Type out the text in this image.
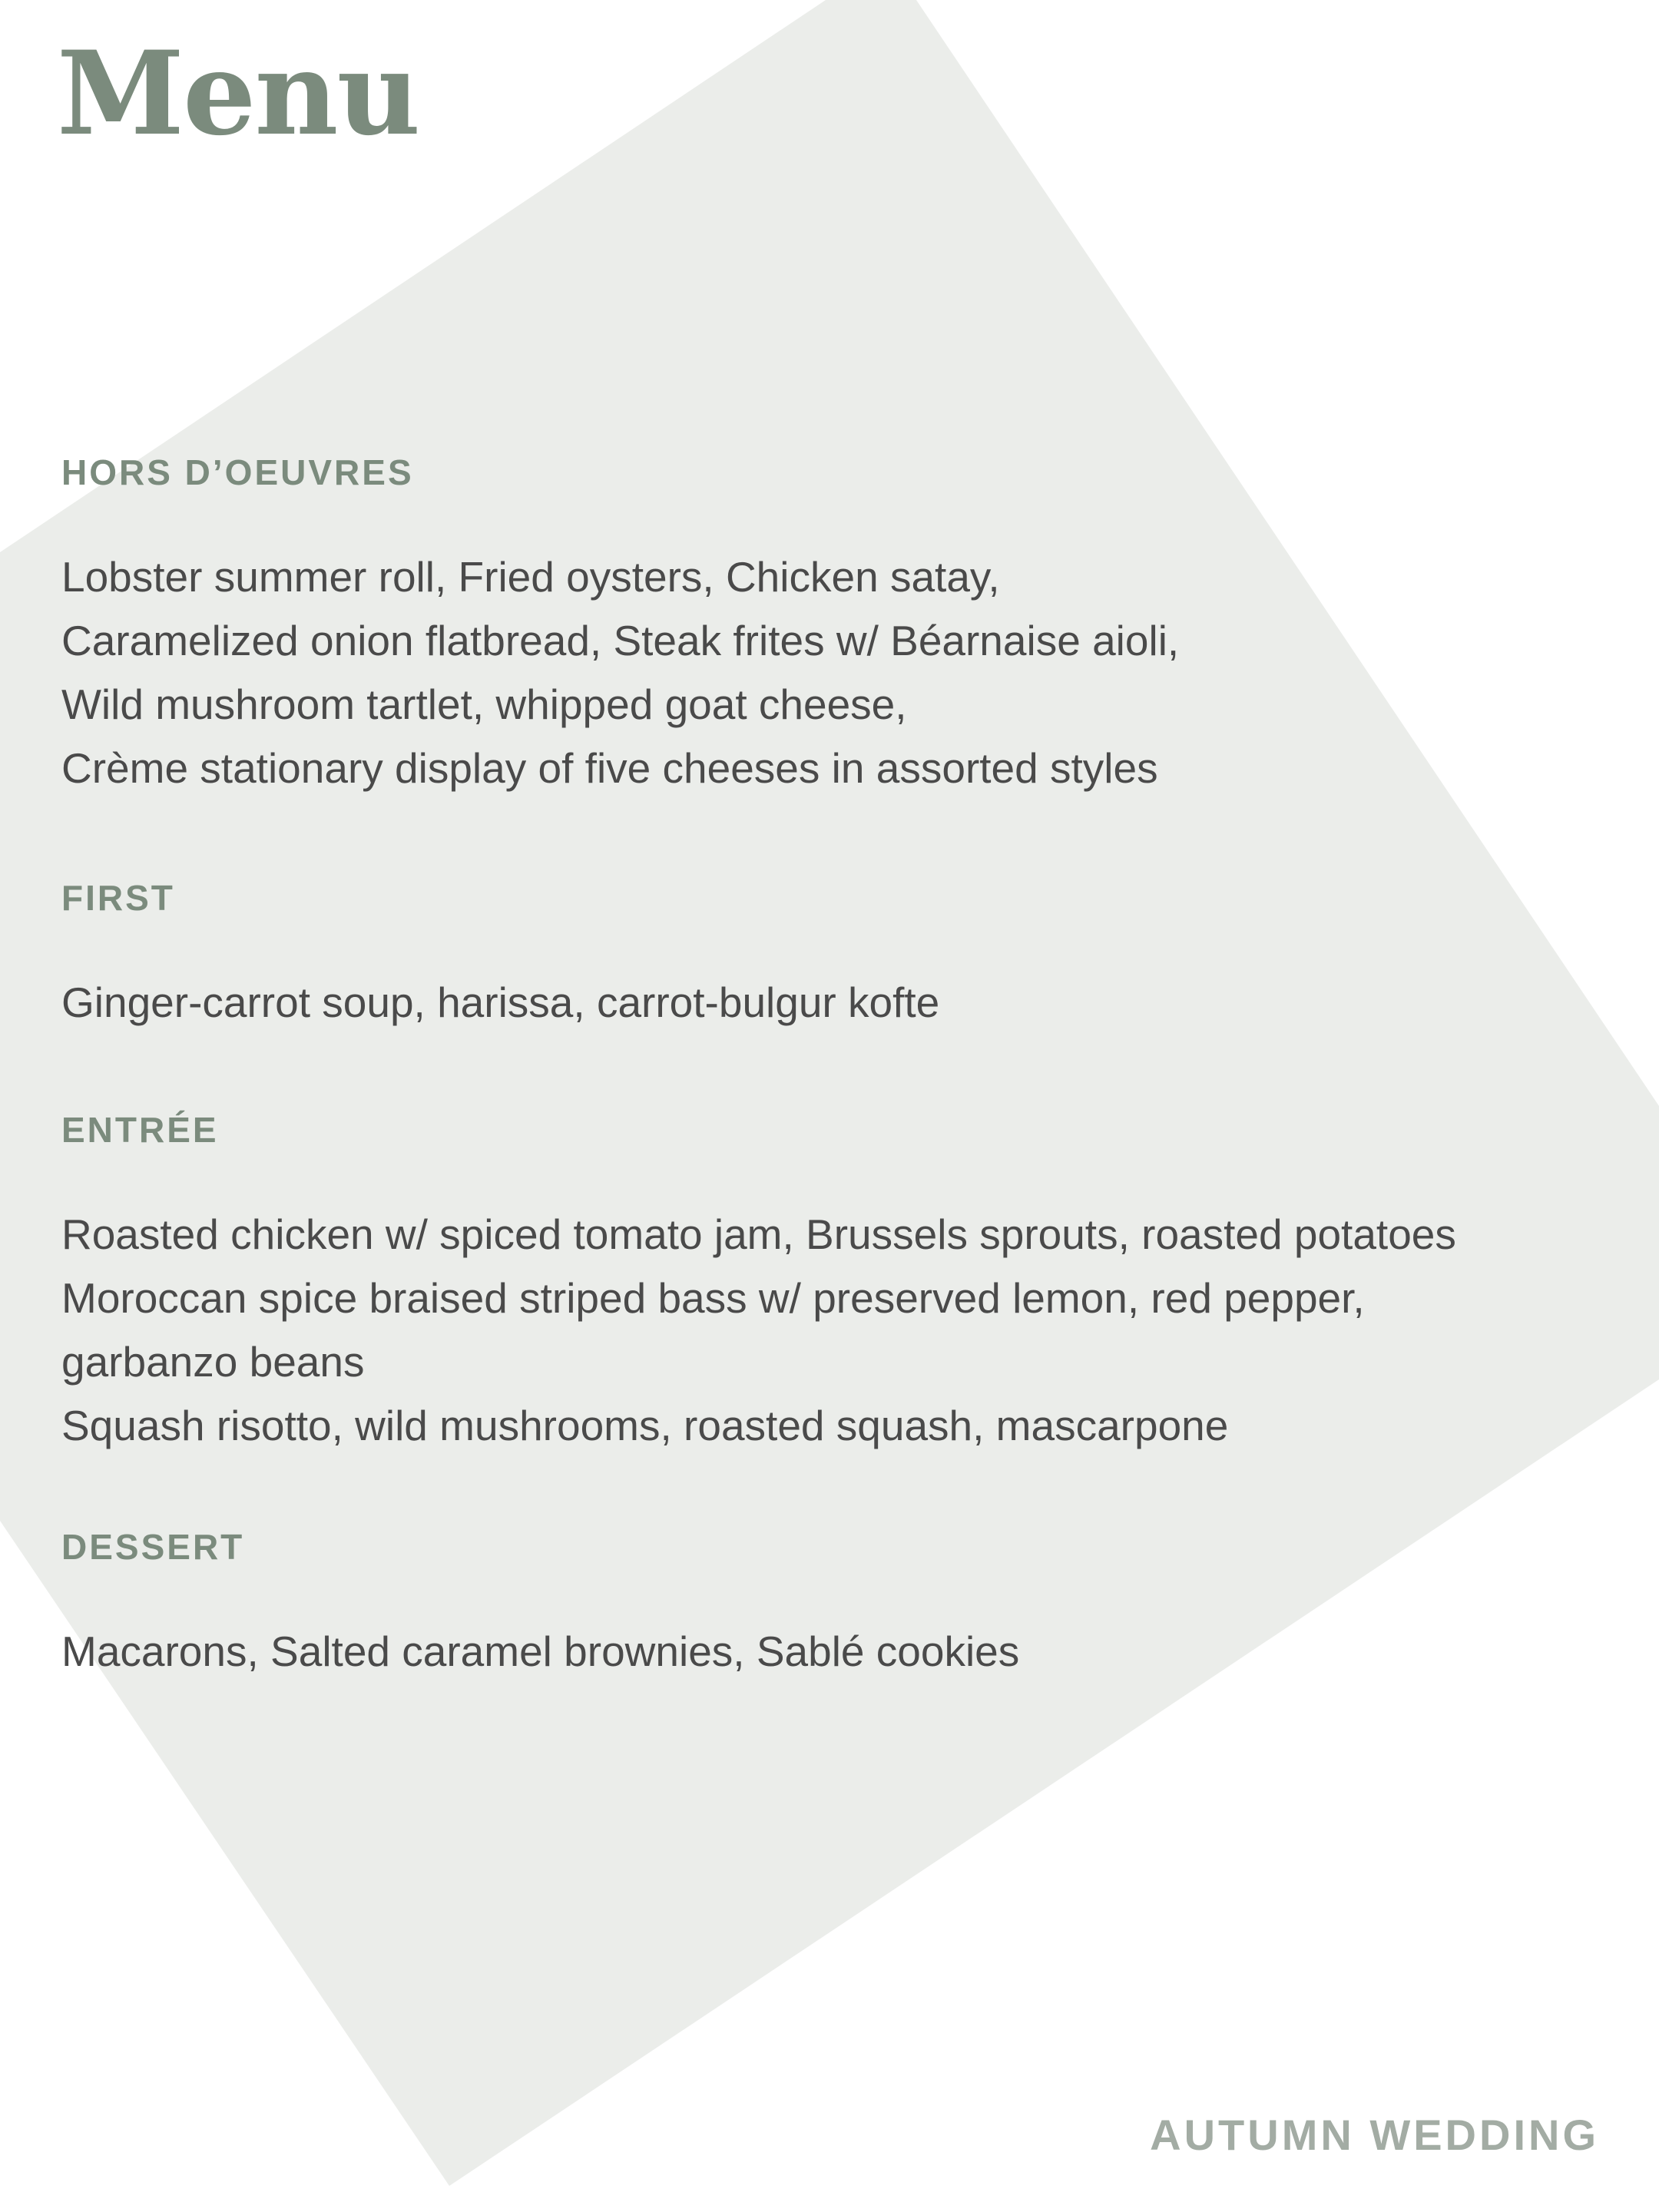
Menu
HORS D’OEUVRES
Lobster summer roll, Fried oysters, Chicken satay,
Caramelized onion flatbread, Steak frites w/ Béarnaise aioli,
Wild mushroom tartlet, whipped goat cheese,
Crème stationary display of five cheeses in assorted styles
FIRST
Ginger-carrot soup, harissa, carrot-bulgur kofte
ENTRÉE
Roasted chicken w/ spiced tomato jam, Brussels sprouts, roasted potatoes
Moroccan spice braised striped bass w/ preserved lemon, red pepper,
garbanzo beans
Squash risotto, wild mushrooms, roasted squash, mascarpone
DESSERT
Macarons, Salted caramel brownies, Sablé cookies
AUTUMN WEDDING
